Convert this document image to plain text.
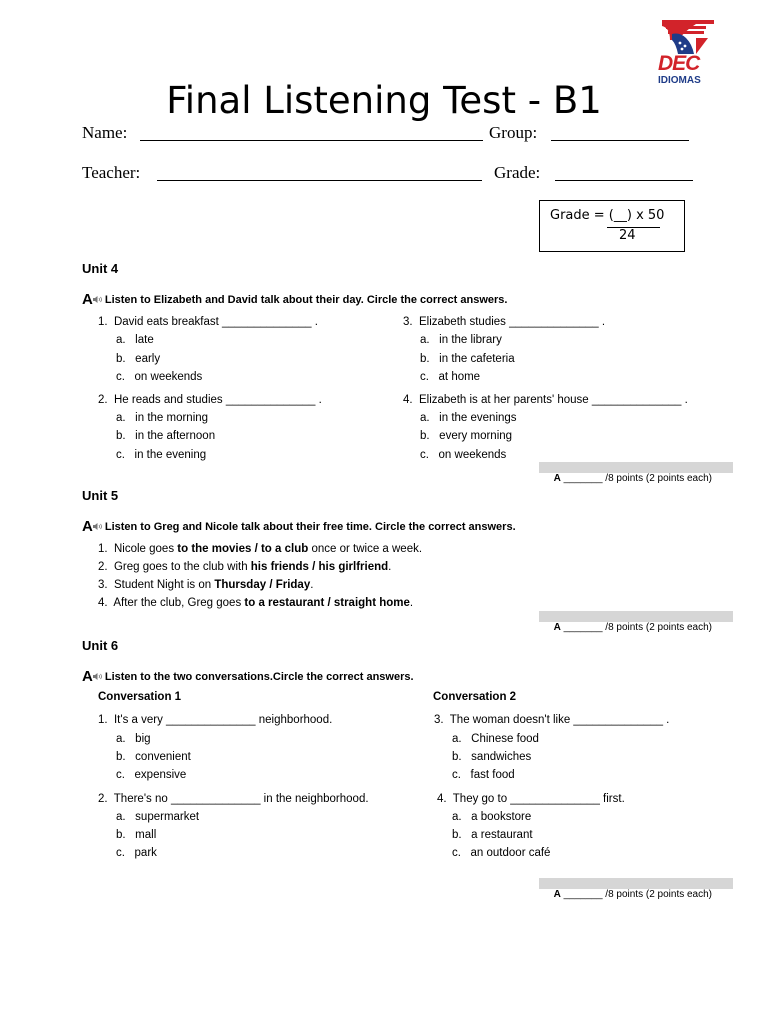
DEC
IDIOMAS
Final Listening Test - B1
Name:	Group:
Teacher:	Grade:
Grade = (__) x 50
24
Unit 4
A Listen to Elizabeth and David talk about their day. Circle the correct answers.
1.  David eats breakfast ______________ .
a.   late
b.   early
c.   on weekends
2.  He reads and studies ______________ .
a.   in the morning
b.   in the afternoon
c.   in the evening
3.  Elizabeth studies ______________ .
a.   in the library
b.   in the cafeteria
c.   at home
4.  Elizabeth is at her parents' house ______________ .
a.   in the evenings
b.   every morning
c.   on weekends

A _______ /8 points (2 points each)

Unit 5
A Listen to Greg and Nicole talk about their free time. Circle the correct answers.
1.  Nicole goes to the movies / to a club once or twice a week.
2.  Greg goes to the club with his friends / his girlfriend.
3.  Student Night is on Thursday / Friday.
4.  After the club, Greg goes to a restaurant / straight home.

A _______ /8 points (2 points each)

Unit 6
A Listen to the two conversations.Circle the correct answers.
Conversation 1	Conversation 2
1.  It's a very ______________ neighborhood.
a.   big
b.   convenient
c.   expensive
2.  There's no ______________ in the neighborhood.
a.   supermarket
b.   mall
c.   park
3.  The woman doesn't like ______________ .
a.   Chinese food
b.   sandwiches
c.   fast food
4.  They go to ______________ first.
a.   a bookstore
b.   a restaurant
c.   an outdoor café

A _______ /8 points (2 points each)
